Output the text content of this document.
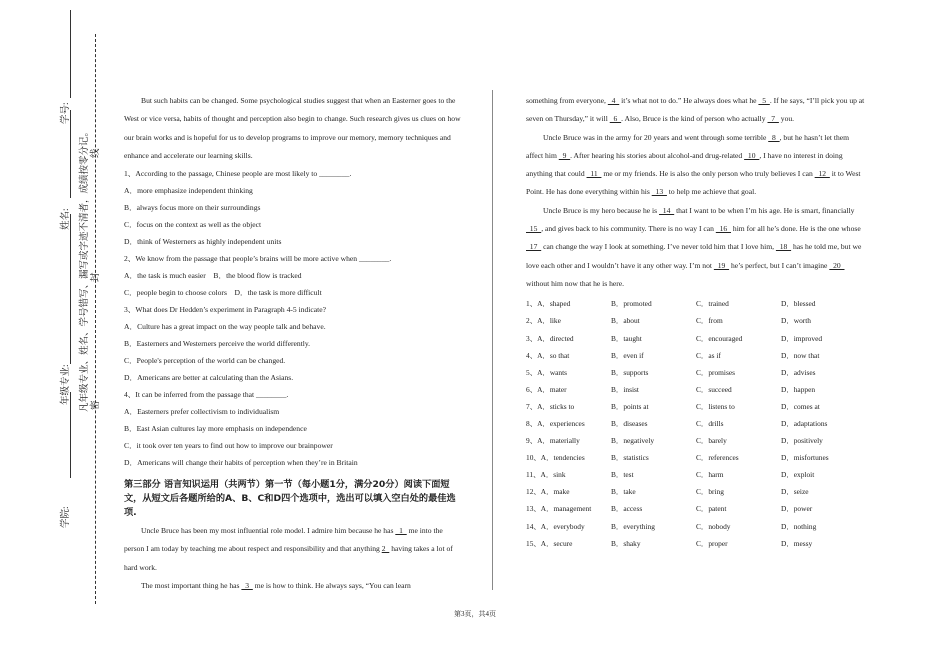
学号:
姓名:
年级专业:
学院:
凡年级专业、姓名、学号错写、漏写或字迹不清者，成绩按零分记。 密
封
线

But such habits can be changed. Some psychological studies suggest that when an Easterner goes to the West or vice versa, habits of thought and perception also begin to change. Such research gives us clues on how our brain works and is hopeful for us to develop programs to improve our memory, memory techniques and enhance and accelerate our learning skills.

1、According to the passage, Chinese people are most likely to ________.

A．more emphasize independent thinking

B．always focus more on their surroundings

C．focus on the context as well as the object

D．think of Westerners as highly independent units

2、We know from the passage that people’s brains will be more active when ________.

A．the task is much easier    B．the blood flow is tracked

C．people begin to choose colors    D．the task is more difficult

3、What does Dr Hedden’s experiment in Paragraph 4-5 indicate?

A．Culture has a great impact on the way people talk and behave.

B．Easterners and Westerners perceive the world differently.

C．People's perception of the world can be changed.

D．Americans are better at calculating than the Asians.

4、It can be inferred from the passage that ________.

A．Easterners prefer collectivism to individualism

B．East Asian cultures lay more emphasis on independence

C．it took over ten years to find out how to improve our brainpower

D．Americans will change their habits of perception when they’re in Britain

第三部分 语言知识运用（共两节）第一节（每小题1分，满分20分）阅读下面短文，从短文后各题所给的A、B、C和D四个选项中，选出可以填入空白处的最佳选项.

Uncle Bruce has been my most influential role model. I admire him because he has   1   me into the person I am today by teaching me about respect and responsibility and that anything 2   having takes a lot of hard work.

The most important thing he has   3   me is how to think. He always says, “You can learn

something from everyone,   4   it’s what not to do.” He always does what he   5  . If he says, “I’ll pick you up at seven on Thursday,” it will   6  . Also, Bruce is the kind of person who actually   7   you.

Uncle Bruce was in the army for 20 years and went through some terrible   8  , but he hasn’t let them affect him   9  . After hearing his stories about alcohol-and drug-related   10  , I have no interest in doing anything that could   11   me or my friends. He is also the only person who truly believes I can   12   it to West Point. He has done everything within his   13   to help me achieve that goal.

Uncle Bruce is my hero because he is   14   that I want to be when I’m his age. He is smart, financially   15  , and gives back to his community. There is no way I can   16   him for all he’s done. He is the one whose   17   can change the way I look at something. I’ve never told him that I love him,   18   has he told me, but we love each other and I wouldn’t have it any other way. I’m not   19   he’s perfect, but I can’t imagine   20   without him now that he is here.

1、A．shaped	B．promoted	C．trained	D．blessed
2、A．like	B．about	C．from	D．worth
3、A．directed	B．taught	C．encouraged	D．improved
4、A．so that	B．even if	C．as if	D．now that
5、A．wants	B．supports	C．promises	D．advises
6、A．mater	B．insist	C．succeed	D．happen
7、A．sticks to	B．points at	C．listens to	D．comes at
8、A．experiences	B．diseases	C．drills	D．adaptations
9、A．materially	B．negatively	C．barely	D．positively
10、A．tendencies	B．statistics	C．references	D．misfortunes
11、A．sink	B．test	C．harm	D．exploit
12、A．make	B．take	C．bring	D．seize
13、A．management	B．access	C．patent	D．power
14、A．everybody	B．everything	C．nobody	D．nothing
15、A．secure	B．shaky	C．proper	D．messy
第3页，共4页
